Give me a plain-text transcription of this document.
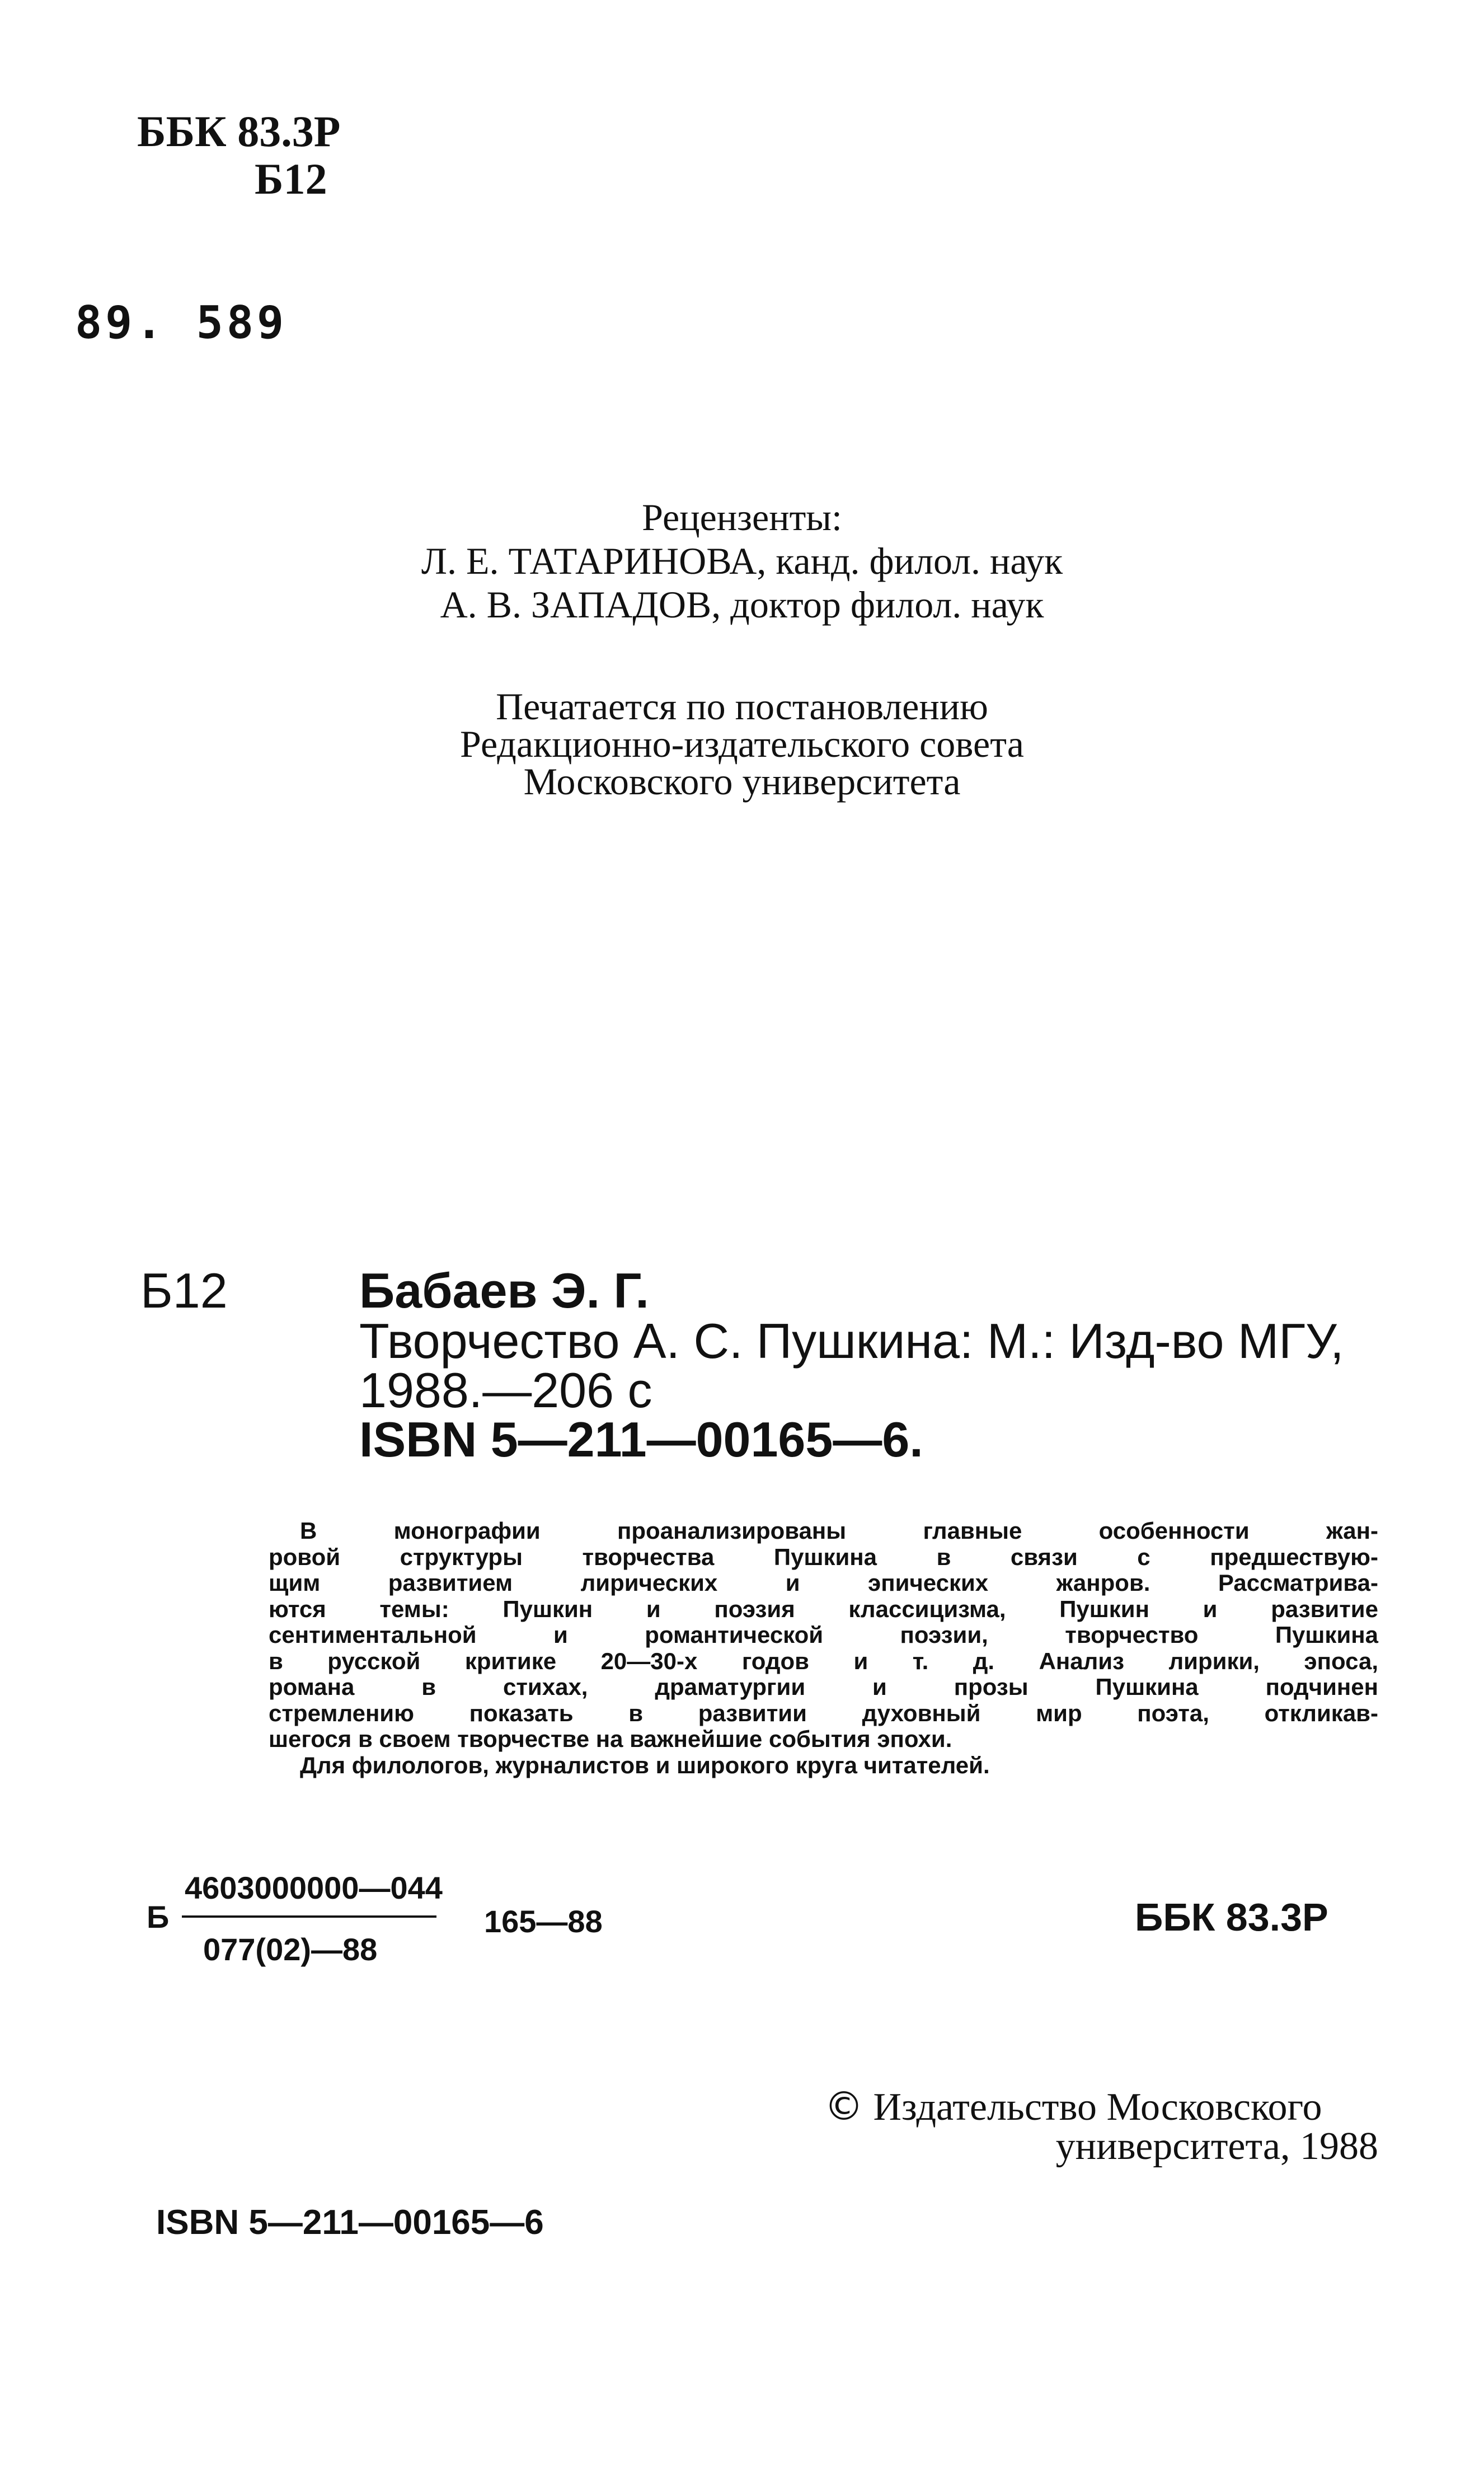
ББК 83.3Р
Б12
89. 589
Рецензенты:
Л. Е. ТАТАРИНОВА, канд. филол. наук
А. В. ЗАПАДОВ, доктор филол. наук
Печатается по постановлению
Редакционно-издательского совета
Московского университета
Б12	Бабаев Э. Г.
Творчество А. С. Пушкина: М.: Изд-во МГУ,
1988.—206 с
ISBN 5—211—00165—6.
В монографии проанализированы главные особенности жан-
ровой структуры творчества Пушкина в связи с предшествую-
щим развитием лирических и эпических жанров. Рассматрива-
ются темы: Пушкин и поэзия классицизма, Пушкин и развитие
сентиментальной и романтической поэзии, творчество Пушкина
в русской критике 20—30-х годов и т. д. Анализ лирики, эпоса,
романа в стихах, драматургии и прозы Пушкина подчинен
стремлению показать в развитии духовный мир поэта, откликав-
шегося в своем творчестве на важнейшие события эпохи.
Для филологов, журналистов и широкого круга читателей.
Б
4603000000—044
077(02)—88
165—88	ББК 83.3Р
© Издательство Московского
университета, 1988
ISBN 5—211—00165—6
